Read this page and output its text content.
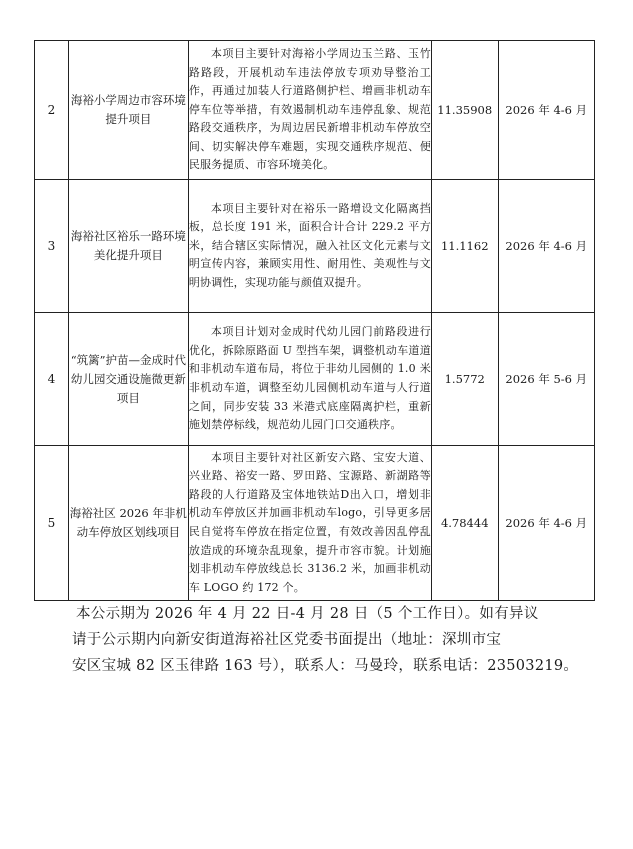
2	海裕小学周边市容环境提升项目	本项目主要针对海裕小学周边玉兰路、玉竹路路段，开展机动车违法停放专项劝导整治工作，再通过加装人行道路侧护栏、增画非机动车停车位等举措，有效遏制机动车违停乱象、规范路段交通秩序，为周边居民新增非机动车停放空间、切实解决停车难题，实现交通秩序规范、便民服务提质、市容环境美化。	11.35908	2026 年 4-6 月
3	海裕社区裕乐一路环境美化提升项目	本项目主要针对在裕乐一路增设文化隔离挡板，总长度 191 米，面积合计合计 229.2 平方米，结合辖区实际情况，融入社区文化元素与文明宣传内容，兼顾实用性、耐用性、美观性与文明协调性，实现功能与颜值双提升。	11.1162	2026 年 4-6 月
4	“筑篱”护苗—金成时代幼儿园交通设施微更新项目	本项目计划对金成时代幼儿园门前路段进行优化，拆除原路面 U 型挡车架，调整机动车道道和非机动车道布局，将位于非幼儿园侧的 1.0 米非机动车道，调整至幼儿园侧机动车道与人行道之间，同步安装 33 米港式底座隔离护栏，重新施划禁停标线，规范幼儿园门口交通秩序。	1.5772	2026 年 5-6 月
5	海裕社区 2026 年非机动车停放区划线项目	本项目主要针对社区新安六路、宝安大道、兴业路、裕安一路、罗田路、宝源路、新湖路等路段的人行道路及宝体地铁站D出入口，增划非机动车停放区并加画非机动车logo，引导更多居民自觉将车停放在指定位置，有效改善因乱停乱放造成的环境杂乱现象，提升市容市貌。计划施划非机动车停放线总长 3136.2 米，加画非机动车 LOGO 约 172 个。	4.78444	2026 年 4-6 月
本公示期为 2026 年 4 月 22 日-4 月 28 日（5 个工作日）。如有异议
请于公示期内向新安街道海裕社区党委书面提出（地址：深圳市宝
安区宝城 82 区玉律路 163 号），联系人：马曼玲，联系电话：23503219。
